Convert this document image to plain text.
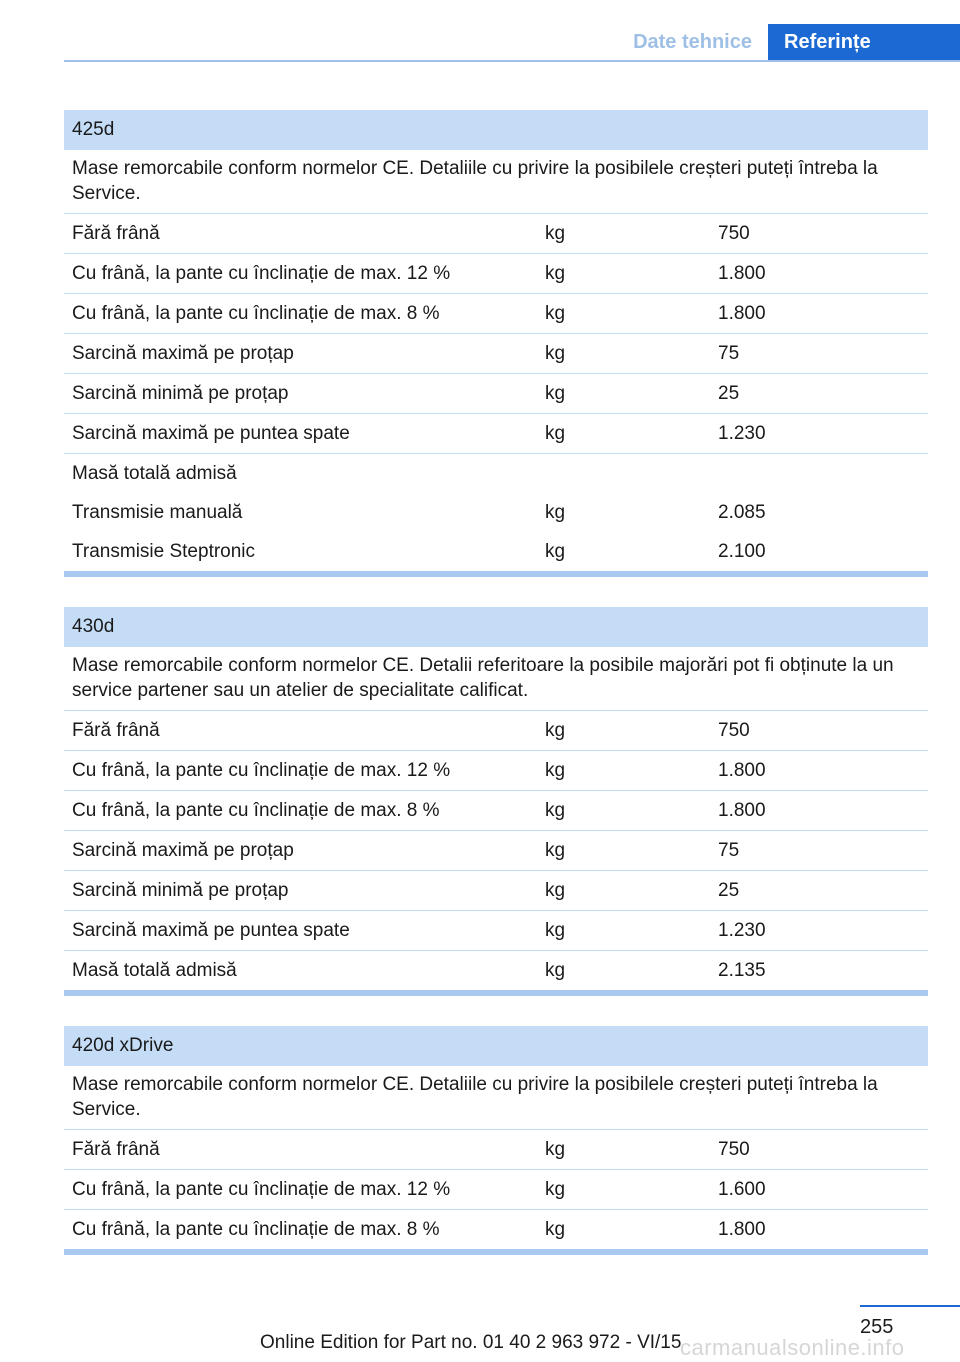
Date tehnice	Referințe
425d
Mase remorcabile conform normelor CE. Detaliile cu privire la posibilele creșteri puteți întreba la Service.
Fără frână	kg	750
Cu frână, la pante cu înclinație de max. 12 %	kg	1.800
Cu frână, la pante cu înclinație de max. 8 %	kg	1.800
Sarcină maximă pe proțap	kg	75
Sarcină minimă pe proțap	kg	25
Sarcină maximă pe puntea spate	kg	1.230
Masă totală admisă
Transmisie manuală	kg	2.085
Transmisie Steptronic	kg	2.100
430d
Mase remorcabile conform normelor CE. Detalii referitoare la posibile majorări pot fi obținute la un service partener sau un atelier de specialitate calificat.
Fără frână	kg	750
Cu frână, la pante cu înclinație de max. 12 %	kg	1.800
Cu frână, la pante cu înclinație de max. 8 %	kg	1.800
Sarcină maximă pe proțap	kg	75
Sarcină minimă pe proțap	kg	25
Sarcină maximă pe puntea spate	kg	1.230
Masă totală admisă	kg	2.135
420d xDrive
Mase remorcabile conform normelor CE. Detaliile cu privire la posibilele creșteri puteți întreba la Service.
Fără frână	kg	750
Cu frână, la pante cu înclinație de max. 12 %	kg	1.600
Cu frână, la pante cu înclinație de max. 8 %	kg	1.800
255
carmanualsonline.info
Online Edition for Part no. 01 40 2 963 972 - VI/15
